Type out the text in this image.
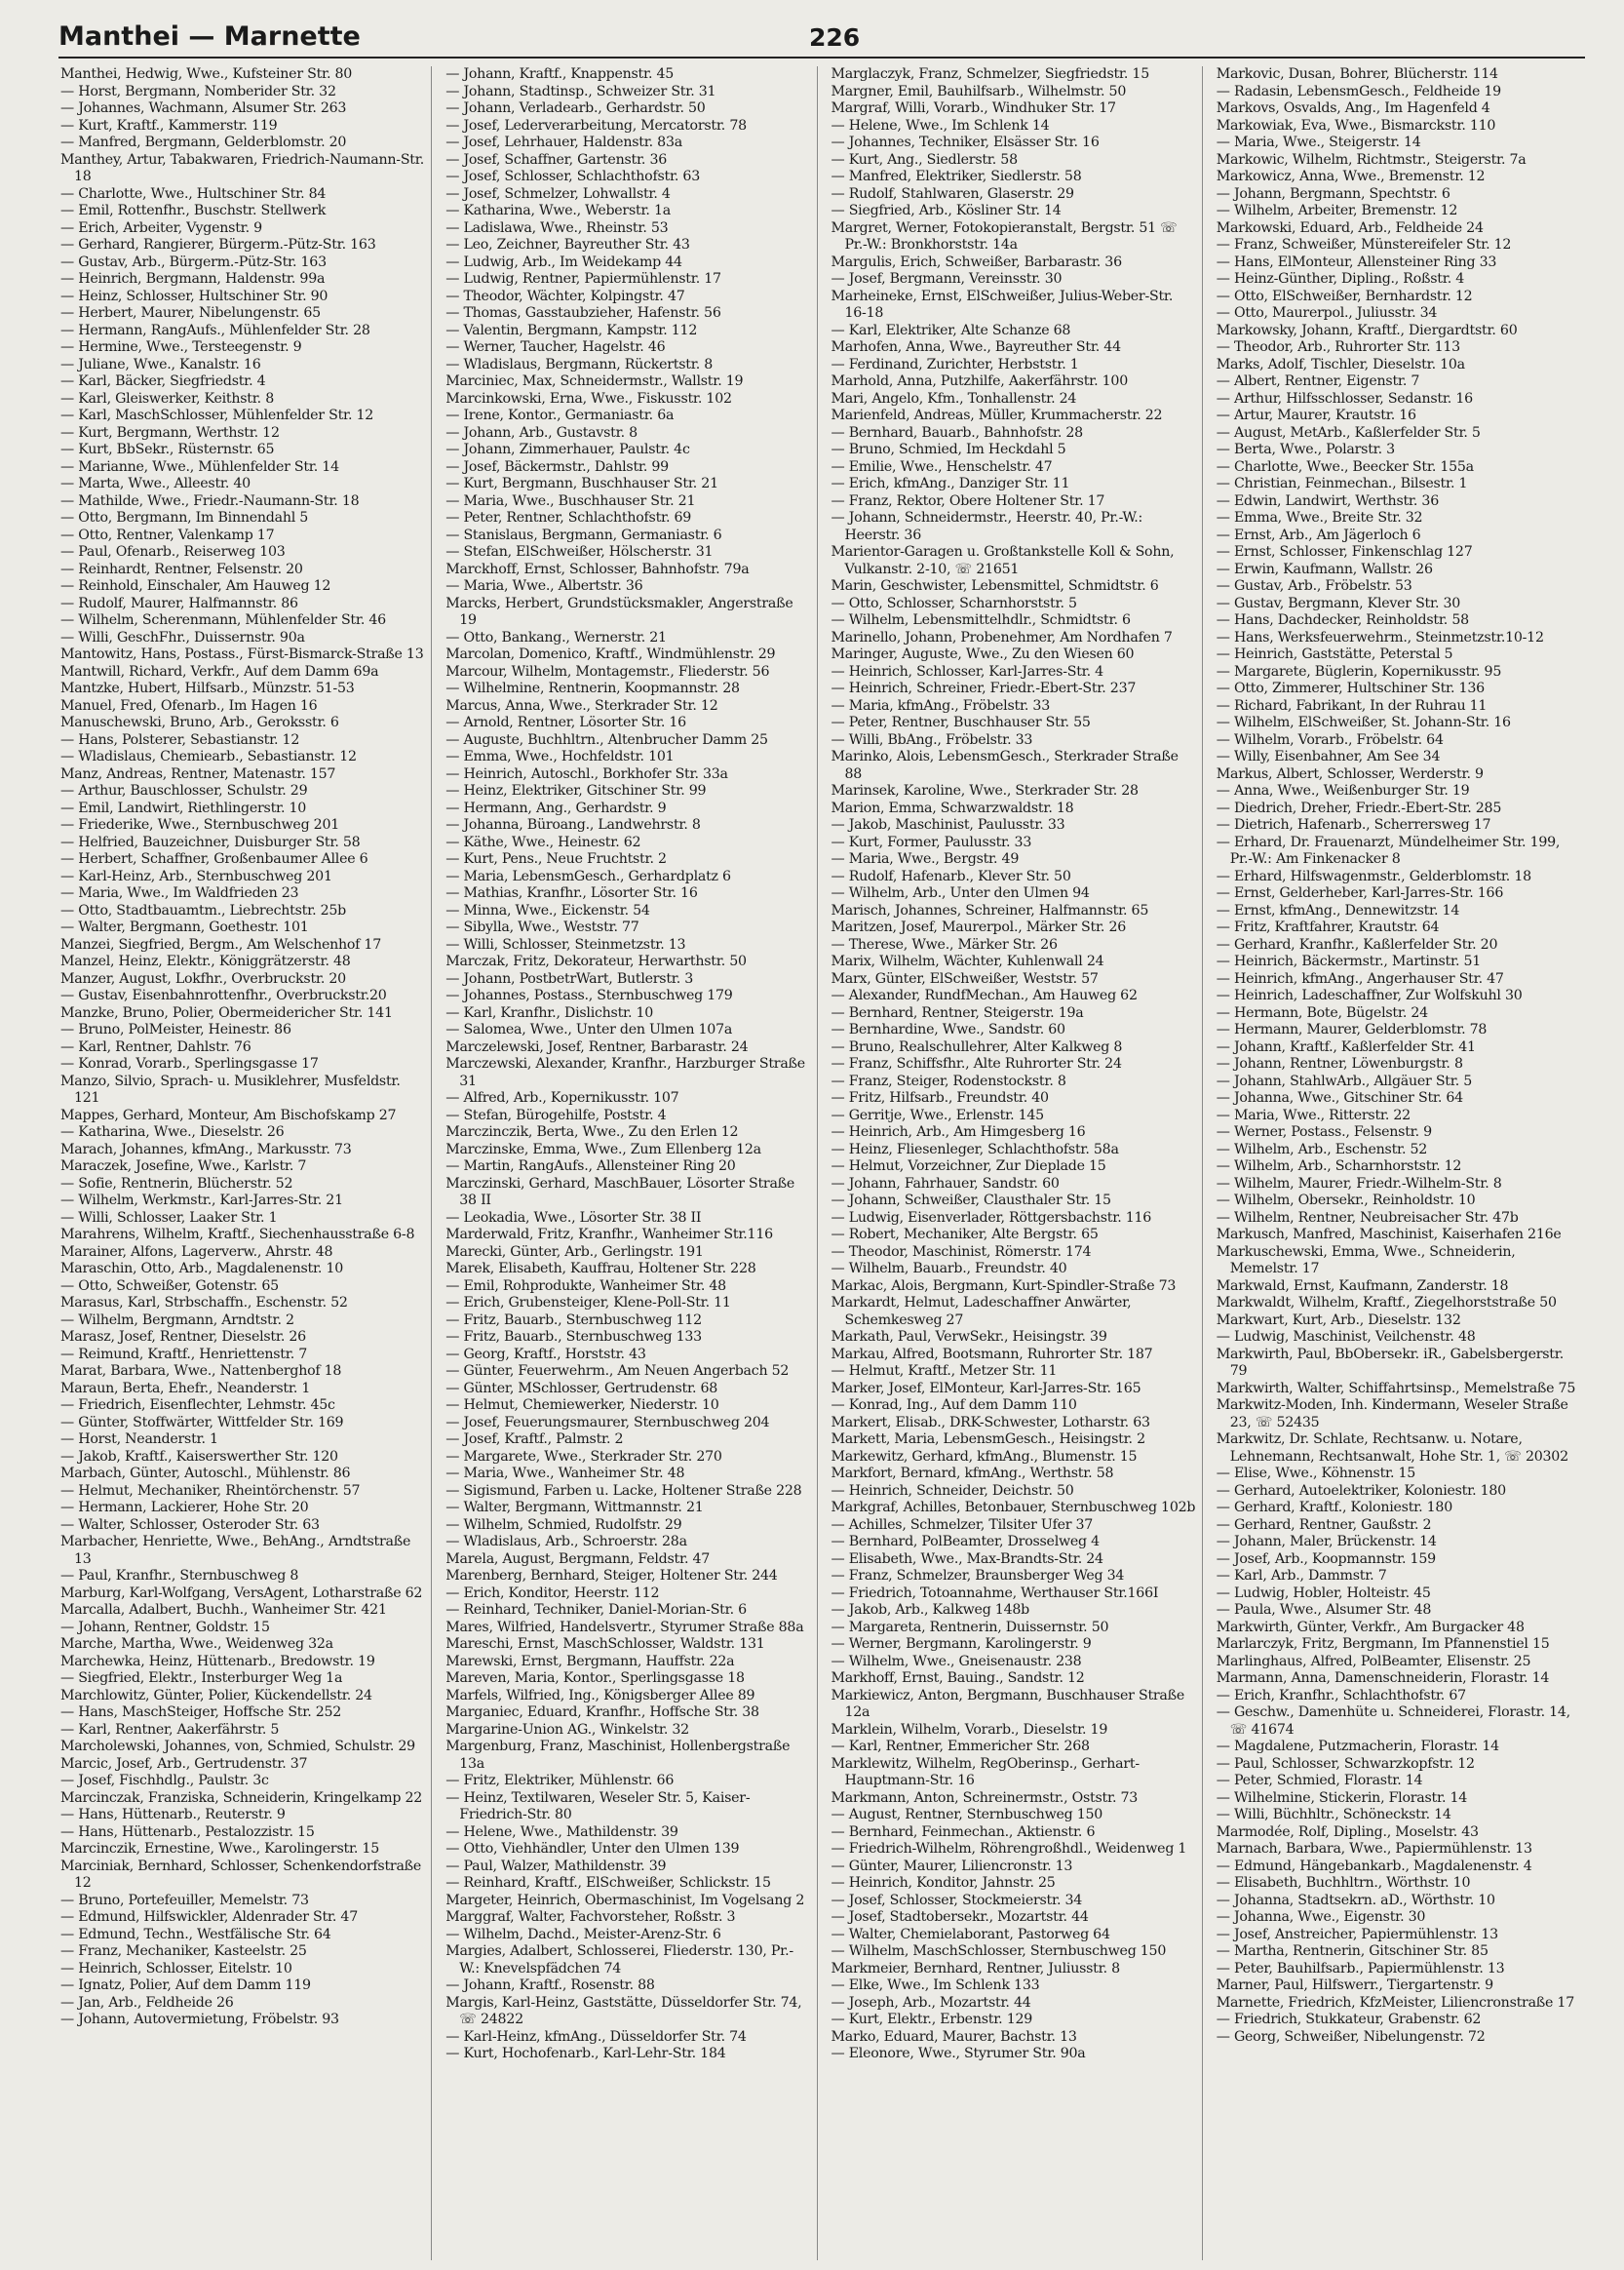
Manthei — Marnette	226
Manthei, Hedwig, Wwe., Kufsteiner Str. 80
— Horst, Bergmann, Nomberider Str. 32
— Johannes, Wachmann, Alsumer Str. 263
— Kurt, Kraftf., Kammerstr. 119
— Manfred, Bergmann, Gelderblomstr. 20
Manthey, Artur, Tabakwaren, Friedrich-Naumann-Str. 18
— Charlotte, Wwe., Hultschiner Str. 84
— Emil, Rottenfhr., Buschstr. Stellwerk
— Erich, Arbeiter, Vygenstr. 9
— Gerhard, Rangierer, Bürgerm.-Pütz-Str. 163
— Gustav, Arb., Bürgerm.-Pütz-Str. 163
— Heinrich, Bergmann, Haldenstr. 99a
— Heinz, Schlosser, Hultschiner Str. 90
— Herbert, Maurer, Nibelungenstr. 65
— Hermann, RangAufs., Mühlenfelder Str. 28
— Hermine, Wwe., Tersteegenstr. 9
— Juliane, Wwe., Kanalstr. 16
— Karl, Bäcker, Siegfriedstr. 4
— Karl, Gleiswerker, Keithstr. 8
— Karl, MaschSchlosser, Mühlenfelder Str. 12
— Kurt, Bergmann, Werthstr. 12
— Kurt, BbSekr., Rüsternstr. 65
— Marianne, Wwe., Mühlenfelder Str. 14
— Marta, Wwe., Alleestr. 40
— Mathilde, Wwe., Friedr.-Naumann-Str. 18
— Otto, Bergmann, Im Binnendahl 5
— Otto, Rentner, Valenkamp 17
— Paul, Ofenarb., Reiserweg 103
— Reinhardt, Rentner, Felsenstr. 20
— Reinhold, Einschaler, Am Hauweg 12
— Rudolf, Maurer, Halfmannstr. 86
— Wilhelm, Scherenmann, Mühlenfelder Str. 46
— Willi, GeschFhr., Duissernstr. 90a
Mantowitz, Hans, Postass., Fürst-Bismarck-Straße 13
Mantwill, Richard, Verkfr., Auf dem Damm 69a
Mantzke, Hubert, Hilfsarb., Münzstr. 51-53
Manuel, Fred, Ofenarb., Im Hagen 16
Manuschewski, Bruno, Arb., Geroksstr. 6
— Hans, Polsterer, Sebastianstr. 12
— Wladislaus, Chemiearb., Sebastianstr. 12
Manz, Andreas, Rentner, Matenastr. 157
— Arthur, Bauschlosser, Schulstr. 29
— Emil, Landwirt, Riethlingerstr. 10
— Friederike, Wwe., Sternbuschweg 201
— Helfried, Bauzeichner, Duisburger Str. 58
— Herbert, Schaffner, Großenbaumer Allee 6
— Karl-Heinz, Arb., Sternbuschweg 201
— Maria, Wwe., Im Waldfrieden 23
— Otto, Stadtbauamtm., Liebrechtstr. 25b
— Walter, Bergmann, Goethestr. 101
Manzei, Siegfried, Bergm., Am Welschenhof 17
Manzel, Heinz, Elektr., Königgrätzerstr. 48
Manzer, August, Lokfhr., Overbruckstr. 20
— Gustav, Eisenbahnrottenfhr., Overbruckstr.20
Manzke, Bruno, Polier, Obermeidericher Str. 141
— Bruno, PolMeister, Heinestr. 86
— Karl, Rentner, Dahlstr. 76
— Konrad, Vorarb., Sperlingsgasse 17
Manzo, Silvio, Sprach- u. Musiklehrer, Musfeldstr. 121
Mappes, Gerhard, Monteur, Am Bischofskamp 27
— Katharina, Wwe., Dieselstr. 26
Marach, Johannes, kfmAng., Markusstr. 73
Maraczek, Josefine, Wwe., Karlstr. 7
— Sofie, Rentnerin, Blücherstr. 52
— Wilhelm, Werkmstr., Karl-Jarres-Str. 21
— Willi, Schlosser, Laaker Str. 1
Marahrens, Wilhelm, Kraftf., Siechenhausstraße 6-8
Marainer, Alfons, Lagerverw., Ahrstr. 48
Maraschin, Otto, Arb., Magdalenenstr. 10
— Otto, Schweißer, Gotenstr. 65
Marasus, Karl, Strbschaffn., Eschenstr. 52
— Wilhelm, Bergmann, Arndtstr. 2
Marasz, Josef, Rentner, Dieselstr. 26
— Reimund, Kraftf., Henriettenstr. 7
Marat, Barbara, Wwe., Nattenberghof 18
Maraun, Berta, Ehefr., Neanderstr. 1
— Friedrich, Eisenflechter, Lehmstr. 45c
— Günter, Stoffwärter, Wittfelder Str. 169
— Horst, Neanderstr. 1
— Jakob, Kraftf., Kaiserswerther Str. 120
Marbach, Günter, Autoschl., Mühlenstr. 86
— Helmut, Mechaniker, Rheintörchenstr. 57
— Hermann, Lackierer, Hohe Str. 20
— Walter, Schlosser, Osteroder Str. 63
Marbacher, Henriette, Wwe., BehAng., Arndtstraße 13
— Paul, Kranfhr., Sternbuschweg 8
Marburg, Karl-Wolfgang, VersAgent, Lotharstraße 62
Marcalla, Adalbert, Buchh., Wanheimer Str. 421
— Johann, Rentner, Goldstr. 15
Marche, Martha, Wwe., Weidenweg 32a
Marchewka, Heinz, Hüttenarb., Bredowstr. 19
— Siegfried, Elektr., Insterburger Weg 1a
Marchlowitz, Günter, Polier, Kückendellstr. 24
— Hans, MaschSteiger, Hoffsche Str. 252
— Karl, Rentner, Aakerfährstr. 5
Marcholewski, Johannes, von, Schmied, Schulstr. 29
Marcic, Josef, Arb., Gertrudenstr. 37
— Josef, Fischhdlg., Paulstr. 3c
Marcinczak, Franziska, Schneiderin, Kringelkamp 22
— Hans, Hüttenarb., Reuterstr. 9
— Hans, Hüttenarb., Pestalozzistr. 15
Marcinczik, Ernestine, Wwe., Karolingerstr. 15
Marciniak, Bernhard, Schlosser, Schenkendorfstraße 12
— Bruno, Portefeuiller, Memelstr. 73
— Edmund, Hilfswickler, Aldenrader Str. 47
— Edmund, Techn., Westfälische Str. 64
— Franz, Mechaniker, Kasteelstr. 25
— Heinrich, Schlosser, Eitelstr. 10
— Ignatz, Polier, Auf dem Damm 119
— Jan, Arb., Feldheide 26
— Johann, Autovermietung, Fröbelstr. 93
— Johann, Kraftf., Knappenstr. 45
— Johann, Stadtinsp., Schweizer Str. 31
— Johann, Verladearb., Gerhardstr. 50
— Josef, Lederverarbeitung, Mercatorstr. 78
— Josef, Lehrhauer, Haldenstr. 83a
— Josef, Schaffner, Gartenstr. 36
— Josef, Schlosser, Schlachthofstr. 63
— Josef, Schmelzer, Lohwallstr. 4
— Katharina, Wwe., Weberstr. 1a
— Ladislawa, Wwe., Rheinstr. 53
— Leo, Zeichner, Bayreuther Str. 43
— Ludwig, Arb., Im Weidekamp 44
— Ludwig, Rentner, Papiermühlenstr. 17
— Theodor, Wächter, Kolpingstr. 47
— Thomas, Gasstaubzieher, Hafenstr. 56
— Valentin, Bergmann, Kampstr. 112
— Werner, Taucher, Hagelstr. 46
— Wladislaus, Bergmann, Rückertstr. 8
Marciniec, Max, Schneidermstr., Wallstr. 19
Marcinkowski, Erna, Wwe., Fiskusstr. 102
— Irene, Kontor., Germaniastr. 6a
— Johann, Arb., Gustavstr. 8
— Johann, Zimmerhauer, Paulstr. 4c
— Josef, Bäckermstr., Dahlstr. 99
— Kurt, Bergmann, Buschhauser Str. 21
— Maria, Wwe., Buschhauser Str. 21
— Peter, Rentner, Schlachthofstr. 69
— Stanislaus, Bergmann, Germaniastr. 6
— Stefan, ElSchweißer, Hölscherstr. 31
Marckhoff, Ernst, Schlosser, Bahnhofstr. 79a
— Maria, Wwe., Albertstr. 36
Marcks, Herbert, Grundstücksmakler, Angerstraße 19
— Otto, Bankang., Wernerstr. 21
Marcolan, Domenico, Kraftf., Windmühlenstr. 29
Marcour, Wilhelm, Montagemstr., Fliederstr. 56
— Wilhelmine, Rentnerin, Koopmannstr. 28
Marcus, Anna, Wwe., Sterkrader Str. 12
— Arnold, Rentner, Lösorter Str. 16
— Auguste, Buchhltrn., Altenbrucher Damm 25
— Emma, Wwe., Hochfeldstr. 101
— Heinrich, Autoschl., Borkhofer Str. 33a
— Heinz, Elektriker, Gitschiner Str. 99
— Hermann, Ang., Gerhardstr. 9
— Johanna, Büroang., Landwehrstr. 8
— Käthe, Wwe., Heinestr. 62
— Kurt, Pens., Neue Fruchtstr. 2
— Maria, LebensmGesch., Gerhardplatz 6
— Mathias, Kranfhr., Lösorter Str. 16
— Minna, Wwe., Eickenstr. 54
— Sibylla, Wwe., Weststr. 77
— Willi, Schlosser, Steinmetzstr. 13
Marczak, Fritz, Dekorateur, Herwarthstr. 50
— Johann, PostbetrWart, Butlerstr. 3
— Johannes, Postass., Sternbuschweg 179
— Karl, Kranfhr., Dislichstr. 10
— Salomea, Wwe., Unter den Ulmen 107a
Marczelewski, Josef, Rentner, Barbarastr. 24
Marczewski, Alexander, Kranfhr., Harzburger Straße 31
— Alfred, Arb., Kopernikusstr. 107
— Stefan, Bürogehilfe, Poststr. 4
Marczinczik, Berta, Wwe., Zu den Erlen 12
Marczinske, Emma, Wwe., Zum Ellenberg 12a
— Martin, RangAufs., Allensteiner Ring 20
Marczinski, Gerhard, MaschBauer, Lösorter Straße 38 II
— Leokadia, Wwe., Lösorter Str. 38 II
Marderwald, Fritz, Kranfhr., Wanheimer Str.116
Marecki, Günter, Arb., Gerlingstr. 191
Marek, Elisabeth, Kauffrau, Holtener Str. 228
— Emil, Rohprodukte, Wanheimer Str. 48
— Erich, Grubensteiger, Klene-Poll-Str. 11
— Fritz, Bauarb., Sternbuschweg 112
— Fritz, Bauarb., Sternbuschweg 133
— Georg, Kraftf., Horststr. 43
— Günter, Feuerwehrm., Am Neuen Angerbach 52
— Günter, MSchlosser, Gertrudenstr. 68
— Helmut, Chemiewerker, Niederstr. 10
— Josef, Feuerungsmaurer, Sternbuschweg 204
— Josef, Kraftf., Palmstr. 2
— Margarete, Wwe., Sterkrader Str. 270
— Maria, Wwe., Wanheimer Str. 48
— Sigismund, Farben u. Lacke, Holtener Straße 228
— Walter, Bergmann, Wittmannstr. 21
— Wilhelm, Schmied, Rudolfstr. 29
— Wladislaus, Arb., Schroerstr. 28a
Marela, August, Bergmann, Feldstr. 47
Marenberg, Bernhard, Steiger, Holtener Str. 244
— Erich, Konditor, Heerstr. 112
— Reinhard, Techniker, Daniel-Morian-Str. 6
Mares, Wilfried, Handelsvertr., Styrumer Straße 88a
Mareschi, Ernst, MaschSchlosser, Waldstr. 131
Marewski, Ernst, Bergmann, Hauffstr. 22a
Mareven, Maria, Kontor., Sperlingsgasse 18
Marfels, Wilfried, Ing., Königsberger Allee 89
Marganiec, Eduard, Kranfhr., Hoffsche Str. 38
Margarine-Union AG., Winkelstr. 32
Margenburg, Franz, Maschinist, Hollenbergstraße 13a
— Fritz, Elektriker, Mühlenstr. 66
— Heinz, Textilwaren, Weseler Str. 5, Kaiser-Friedrich-Str. 80
— Helene, Wwe., Mathildenstr. 39
— Otto, Viehhändler, Unter den Ulmen 139
— Paul, Walzer, Mathildenstr. 39
— Reinhard, Kraftf., ElSchweißer, Schlickstr. 15
Margeter, Heinrich, Obermaschinist, Im Vogelsang 2
Marggraf, Walter, Fachvorsteher, Roßstr. 3
— Wilhelm, Dachd., Meister-Arenz-Str. 6
Margies, Adalbert, Schlosserei, Fliederstr. 130, Pr.-W.: Knevelspfädchen 74
— Johann, Kraftf., Rosenstr. 88
Margis, Karl-Heinz, Gaststätte, Düsseldorfer Str. 74, ☏ 24822
— Karl-Heinz, kfmAng., Düsseldorfer Str. 74
— Kurt, Hochofenarb., Karl-Lehr-Str. 184
Marglaczyk, Franz, Schmelzer, Siegfriedstr. 15
Margner, Emil, Bauhilfsarb., Wilhelmstr. 50
Margraf, Willi, Vorarb., Windhuker Str. 17
— Helene, Wwe., Im Schlenk 14
— Johannes, Techniker, Elsässer Str. 16
— Kurt, Ang., Siedlerstr. 58
— Manfred, Elektriker, Siedlerstr. 58
— Rudolf, Stahlwaren, Glaserstr. 29
— Siegfried, Arb., Kösliner Str. 14
Margret, Werner, Fotokopieranstalt, Bergstr. 51 ☏ Pr.-W.: Bronkhorststr. 14a
Margulis, Erich, Schweißer, Barbarastr. 36
— Josef, Bergmann, Vereinsstr. 30
Marheineke, Ernst, ElSchweißer, Julius-Weber-Str. 16-18
— Karl, Elektriker, Alte Schanze 68
Marhofen, Anna, Wwe., Bayreuther Str. 44
— Ferdinand, Zurichter, Herbststr. 1
Marhold, Anna, Putzhilfe, Aakerfährstr. 100
Mari, Angelo, Kfm., Tonhallenstr. 24
Marienfeld, Andreas, Müller, Krummacherstr. 22
— Bernhard, Bauarb., Bahnhofstr. 28
— Bruno, Schmied, Im Heckdahl 5
— Emilie, Wwe., Henschelstr. 47
— Erich, kfmAng., Danziger Str. 11
— Franz, Rektor, Obere Holtener Str. 17
— Johann, Schneidermstr., Heerstr. 40, Pr.-W.: Heerstr. 36
Marientor-Garagen u. Großtankstelle Koll & Sohn, Vulkanstr. 2-10, ☏ 21651
Marin, Geschwister, Lebensmittel, Schmidtstr. 6
— Otto, Schlosser, Scharnhorststr. 5
— Wilhelm, Lebensmittelhdlr., Schmidtstr. 6
Marinello, Johann, Probenehmer, Am Nordhafen 7
Maringer, Auguste, Wwe., Zu den Wiesen 60
— Heinrich, Schlosser, Karl-Jarres-Str. 4
— Heinrich, Schreiner, Friedr.-Ebert-Str. 237
— Maria, kfmAng., Fröbelstr. 33
— Peter, Rentner, Buschhauser Str. 55
— Willi, BbAng., Fröbelstr. 33
Marinko, Alois, LebensmGesch., Sterkrader Straße 88
Marinsek, Karoline, Wwe., Sterkrader Str. 28
Marion, Emma, Schwarzwaldstr. 18
— Jakob, Maschinist, Paulusstr. 33
— Kurt, Former, Paulusstr. 33
— Maria, Wwe., Bergstr. 49
— Rudolf, Hafenarb., Klever Str. 50
— Wilhelm, Arb., Unter den Ulmen 94
Marisch, Johannes, Schreiner, Halfmannstr. 65
Maritzen, Josef, Maurerpol., Märker Str. 26
— Therese, Wwe., Märker Str. 26
Marix, Wilhelm, Wächter, Kuhlenwall 24
Marx, Günter, ElSchweißer, Weststr. 57
— Alexander, RundfMechan., Am Hauweg 62
— Bernhard, Rentner, Steigerstr. 19a
— Bernhardine, Wwe., Sandstr. 60
— Bruno, Realschullehrer, Alter Kalkweg 8
— Franz, Schiffsfhr., Alte Ruhrorter Str. 24
— Franz, Steiger, Rodenstockstr. 8
— Fritz, Hilfsarb., Freundstr. 40
— Gerritje, Wwe., Erlenstr. 145
— Heinrich, Arb., Am Himgesberg 16
— Heinz, Fliesenleger, Schlachthofstr. 58a
— Helmut, Vorzeichner, Zur Dieplade 15
— Johann, Fahrhauer, Sandstr. 60
— Johann, Schweißer, Clausthaler Str. 15
— Ludwig, Eisenverlader, Röttgersbachstr. 116
— Robert, Mechaniker, Alte Bergstr. 65
— Theodor, Maschinist, Römerstr. 174
— Wilhelm, Bauarb., Freundstr. 40
Markac, Alois, Bergmann, Kurt-Spindler-Straße 73
Markardt, Helmut, Ladeschaffner Anwärter, Schemkesweg 27
Markath, Paul, VerwSekr., Heisingstr. 39
Markau, Alfred, Bootsmann, Ruhrorter Str. 187
— Helmut, Kraftf., Metzer Str. 11
Marker, Josef, ElMonteur, Karl-Jarres-Str. 165
— Konrad, Ing., Auf dem Damm 110
Markert, Elisab., DRK-Schwester, Lotharstr. 63
Markett, Maria, LebensmGesch., Heisingstr. 2
Markewitz, Gerhard, kfmAng., Blumenstr. 15
Markfort, Bernard, kfmAng., Werthstr. 58
— Heinrich, Schneider, Deichstr. 50
Markgraf, Achilles, Betonbauer, Sternbuschweg 102b
— Achilles, Schmelzer, Tilsiter Ufer 37
— Bernhard, PolBeamter, Drosselweg 4
— Elisabeth, Wwe., Max-Brandts-Str. 24
— Franz, Schmelzer, Braunsberger Weg 34
— Friedrich, Totoannahme, Werthauser Str.166I
— Jakob, Arb., Kalkweg 148b
— Margareta, Rentnerin, Duissernstr. 50
— Werner, Bergmann, Karolingerstr. 9
— Wilhelm, Wwe., Gneisenaustr. 238
Markhoff, Ernst, Bauing., Sandstr. 12
Markiewicz, Anton, Bergmann, Buschhauser Straße 12a
Marklein, Wilhelm, Vorarb., Dieselstr. 19
— Karl, Rentner, Emmericher Str. 268
Marklewitz, Wilhelm, RegOberinsp., Gerhart-Hauptmann-Str. 16
Markmann, Anton, Schreinermstr., Oststr. 73
— August, Rentner, Sternbuschweg 150
— Bernhard, Feinmechan., Aktienstr. 6
— Friedrich-Wilhelm, Röhrengroßhdl., Weidenweg 1
— Günter, Maurer, Liliencronstr. 13
— Heinrich, Konditor, Jahnstr. 25
— Josef, Schlosser, Stockmeierstr. 34
— Josef, Stadtobersekr., Mozartstr. 44
— Walter, Chemielaborant, Pastorweg 64
— Wilhelm, MaschSchlosser, Sternbuschweg 150
Markmeier, Bernhard, Rentner, Juliusstr. 8
— Elke, Wwe., Im Schlenk 133
— Joseph, Arb., Mozartstr. 44
— Kurt, Elektr., Erbenstr. 129
Marko, Eduard, Maurer, Bachstr. 13
— Eleonore, Wwe., Styrumer Str. 90a
Markovic, Dusan, Bohrer, Blücherstr. 114
— Radasin, LebensmGesch., Feldheide 19
Markovs, Osvalds, Ang., Im Hagenfeld 4
Markowiak, Eva, Wwe., Bismarckstr. 110
— Maria, Wwe., Steigerstr. 14
Markowic, Wilhelm, Richtmstr., Steigerstr. 7a
Markowicz, Anna, Wwe., Bremenstr. 12
— Johann, Bergmann, Spechtstr. 6
— Wilhelm, Arbeiter, Bremenstr. 12
Markowski, Eduard, Arb., Feldheide 24
— Franz, Schweißer, Münstereifeler Str. 12
— Hans, ElMonteur, Allensteiner Ring 33
— Heinz-Günther, Dipling., Roßstr. 4
— Otto, ElSchweißer, Bernhardstr. 12
— Otto, Maurerpol., Juliusstr. 34
Markowsky, Johann, Kraftf., Diergardtstr. 60
— Theodor, Arb., Ruhrorter Str. 113
Marks, Adolf, Tischler, Dieselstr. 10a
— Albert, Rentner, Eigenstr. 7
— Arthur, Hilfsschlosser, Sedanstr. 16
— Artur, Maurer, Krautstr. 16
— August, MetArb., Kaßlerfelder Str. 5
— Berta, Wwe., Polarstr. 3
— Charlotte, Wwe., Beecker Str. 155a
— Christian, Feinmechan., Bilsestr. 1
— Edwin, Landwirt, Werthstr. 36
— Emma, Wwe., Breite Str. 32
— Ernst, Arb., Am Jägerloch 6
— Ernst, Schlosser, Finkenschlag 127
— Erwin, Kaufmann, Wallstr. 26
— Gustav, Arb., Fröbelstr. 53
— Gustav, Bergmann, Klever Str. 30
— Hans, Dachdecker, Reinholdstr. 58
— Hans, Werksfeuerwehrm., Steinmetzstr.10-12
— Heinrich, Gaststätte, Peterstal 5
— Margarete, Büglerin, Kopernikusstr. 95
— Otto, Zimmerer, Hultschiner Str. 136
— Richard, Fabrikant, In der Ruhrau 11
— Wilhelm, ElSchweißer, St. Johann-Str. 16
— Wilhelm, Vorarb., Fröbelstr. 64
— Willy, Eisenbahner, Am See 34
Markus, Albert, Schlosser, Werderstr. 9
— Anna, Wwe., Weißenburger Str. 19
— Diedrich, Dreher, Friedr.-Ebert-Str. 285
— Dietrich, Hafenarb., Scherrersweg 17
— Erhard, Dr. Frauenarzt, Mündelheimer Str. 199, Pr.-W.: Am Finkenacker 8
— Erhard, Hilfswagenmstr., Gelderblomstr. 18
— Ernst, Gelderheber, Karl-Jarres-Str. 166
— Ernst, kfmAng., Dennewitzstr. 14
— Fritz, Kraftfahrer, Krautstr. 64
— Gerhard, Kranfhr., Kaßlerfelder Str. 20
— Heinrich, Bäckermstr., Martinstr. 51
— Heinrich, kfmAng., Angerhauser Str. 47
— Heinrich, Ladeschaffner, Zur Wolfskuhl 30
— Hermann, Bote, Bügelstr. 24
— Hermann, Maurer, Gelderblomstr. 78
— Johann, Kraftf., Kaßlerfelder Str. 41
— Johann, Rentner, Löwenburgstr. 8
— Johann, StahlwArb., Allgäuer Str. 5
— Johanna, Wwe., Gitschiner Str. 64
— Maria, Wwe., Ritterstr. 22
— Werner, Postass., Felsenstr. 9
— Wilhelm, Arb., Eschenstr. 52
— Wilhelm, Arb., Scharnhorststr. 12
— Wilhelm, Maurer, Friedr.-Wilhelm-Str. 8
— Wilhelm, Obersekr., Reinholdstr. 10
— Wilhelm, Rentner, Neubreisacher Str. 47b
Markusch, Manfred, Maschinist, Kaiserhafen 216e
Markuschewski, Emma, Wwe., Schneiderin, Memelstr. 17
Markwald, Ernst, Kaufmann, Zanderstr. 18
Markwaldt, Wilhelm, Kraftf., Ziegelhorststraße 50
Markwart, Kurt, Arb., Dieselstr. 132
— Ludwig, Maschinist, Veilchenstr. 48
Markwirth, Paul, BbObersekr. iR., Gabelsbergerstr. 79
Markwirth, Walter, Schiffahrtsinsp., Memelstraße 75
Markwitz-Moden, Inh. Kindermann, Weseler Straße 23, ☏ 52435
Markwitz, Dr. Schlate, Rechtsanw. u. Notare, Lehnemann, Rechtsanwalt, Hohe Str. 1, ☏ 20302
— Elise, Wwe., Köhnenstr. 15
— Gerhard, Autoelektriker, Koloniestr. 180
— Gerhard, Kraftf., Koloniestr. 180
— Gerhard, Rentner, Gaußstr. 2
— Johann, Maler, Brückenstr. 14
— Josef, Arb., Koopmannstr. 159
— Karl, Arb., Dammstr. 7
— Ludwig, Hobler, Holteistr. 45
— Paula, Wwe., Alsumer Str. 48
Markwirth, Günter, Verkfr., Am Burgacker 48
Marlarczyk, Fritz, Bergmann, Im Pfannenstiel 15
Marlinghaus, Alfred, PolBeamter, Elisenstr. 25
Marmann, Anna, Damenschneiderin, Florastr. 14
— Erich, Kranfhr., Schlachthofstr. 67
— Geschw., Damenhüte u. Schneiderei, Florastr. 14, ☏ 41674
— Magdalene, Putzmacherin, Florastr. 14
— Paul, Schlosser, Schwarzkopfstr. 12
— Peter, Schmied, Florastr. 14
— Wilhelmine, Stickerin, Florastr. 14
— Willi, Büchhltr., Schöneckstr. 14
Marmodée, Rolf, Dipling., Moselstr. 43
Marnach, Barbara, Wwe., Papiermühlenstr. 13
— Edmund, Hängebankarb., Magdalenenstr. 4
— Elisabeth, Buchhltrn., Wörthstr. 10
— Johanna, Stadtsekrn. aD., Wörthstr. 10
— Johanna, Wwe., Eigenstr. 30
— Josef, Anstreicher, Papiermühlenstr. 13
— Martha, Rentnerin, Gitschiner Str. 85
— Peter, Bauhilfsarb., Papiermühlenstr. 13
Marner, Paul, Hilfswerr., Tiergartenstr. 9
Marnette, Friedrich, KfzMeister, Liliencronstraße 17
— Friedrich, Stukkateur, Grabenstr. 62
— Georg, Schweißer, Nibelungenstr. 72
